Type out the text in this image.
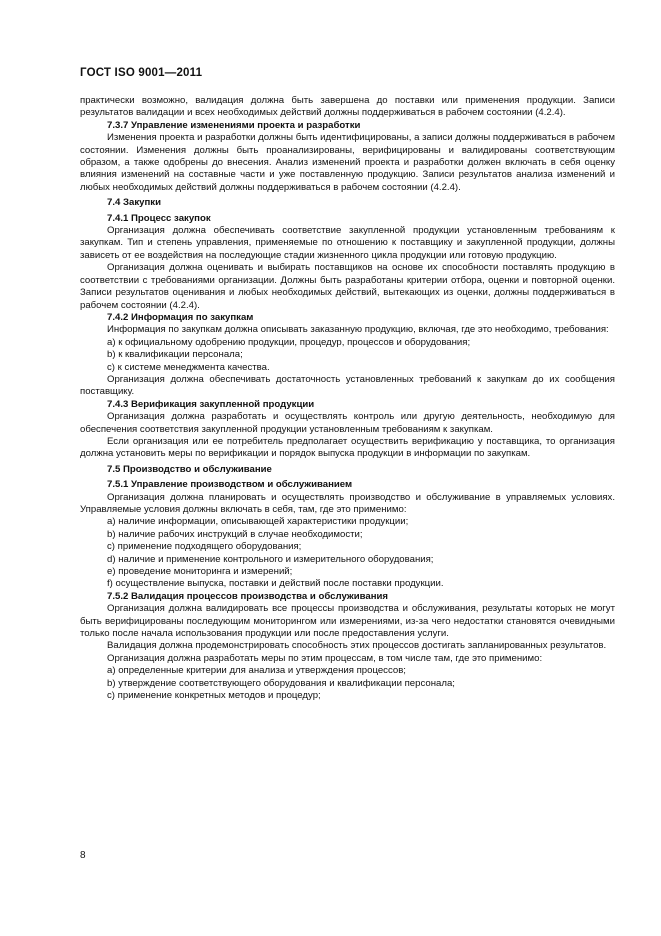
ГОСТ ISO 9001—2011

практически возможно, валидация должна быть завершена до поставки или применения продукции. Записи результатов валидации и всех необходимых действий должны поддерживаться в рабочем состоянии (4.2.4).

7.3.7 Управление изменениями проекта и разработки

Изменения проекта и разработки должны быть идентифицированы, а записи должны поддерживаться в рабочем состоянии. Изменения должны быть проанализированы, верифицированы и валидированы соответствующим образом, а также одобрены до внесения. Анализ изменений проекта и разработки должен включать в себя оценку влияния изменений на составные части и уже поставленную продукцию. Записи результатов анализа изменений и любых необходимых действий должны поддерживаться в рабочем состоянии (4.2.4).

7.4 Закупки

7.4.1 Процесс закупок

Организация должна обеспечивать соответствие закупленной продукции установленным требованиям к закупкам. Тип и степень управления, применяемые по отношению к поставщику и закупленной продукции, должны зависеть от ее воздействия на последующие стадии жизненного цикла продукции или готовую продукцию.

Организация должна оценивать и выбирать поставщиков на основе их способности поставлять продукцию в соответствии с требованиями организации. Должны быть разработаны критерии отбора, оценки и повторной оценки. Записи результатов оценивания и любых необходимых действий, вытекающих из оценки, должны поддерживаться в рабочем состоянии (4.2.4).

7.4.2 Информация по закупкам

Информация по закупкам должна описывать заказанную продукцию, включая, где это необходимо, требования:

a) к официальному одобрению продукции, процедур, процессов и оборудования;

b) к квалификации персонала;

c) к системе менеджмента качества.

Организация должна обеспечивать достаточность установленных требований к закупкам до их сообщения поставщику.

7.4.3 Верификация закупленной продукции

Организация должна разработать и осуществлять контроль или другую деятельность, необходимую для обеспечения соответствия закупленной продукции установленным требованиям к закупкам.

Если организация или ее потребитель предполагает осуществить верификацию у поставщика, то организация должна установить меры по верификации и порядок выпуска продукции в информации по закупкам.

7.5 Производство и обслуживание

7.5.1 Управление производством и обслуживанием

Организация должна планировать и осуществлять производство и обслуживание в управляемых условиях. Управляемые условия должны включать в себя, там, где это применимо:

a) наличие информации, описывающей характеристики продукции;

b) наличие рабочих инструкций в случае необходимости;

c) применение подходящего оборудования;

d) наличие и применение контрольного и измерительного оборудования;

e) проведение мониторинга и измерений;

f) осуществление выпуска, поставки и действий после поставки продукции.

7.5.2 Валидация процессов производства и обслуживания

Организация должна валидировать все процессы производства и обслуживания, результаты которых не могут быть верифицированы последующим мониторингом или измерениями, из-за чего недостатки становятся очевидными только после начала использования продукции или после предоставления услуги.

Валидация должна продемонстрировать способность этих процессов достигать запланированных результатов.

Организация должна разработать меры по этим процессам, в том числе там, где это применимо:

a) определенные критерии для анализа и утверждения процессов;

b) утверждение соответствующего оборудования и квалификации персонала;

c) применение конкретных методов и процедур;

8
